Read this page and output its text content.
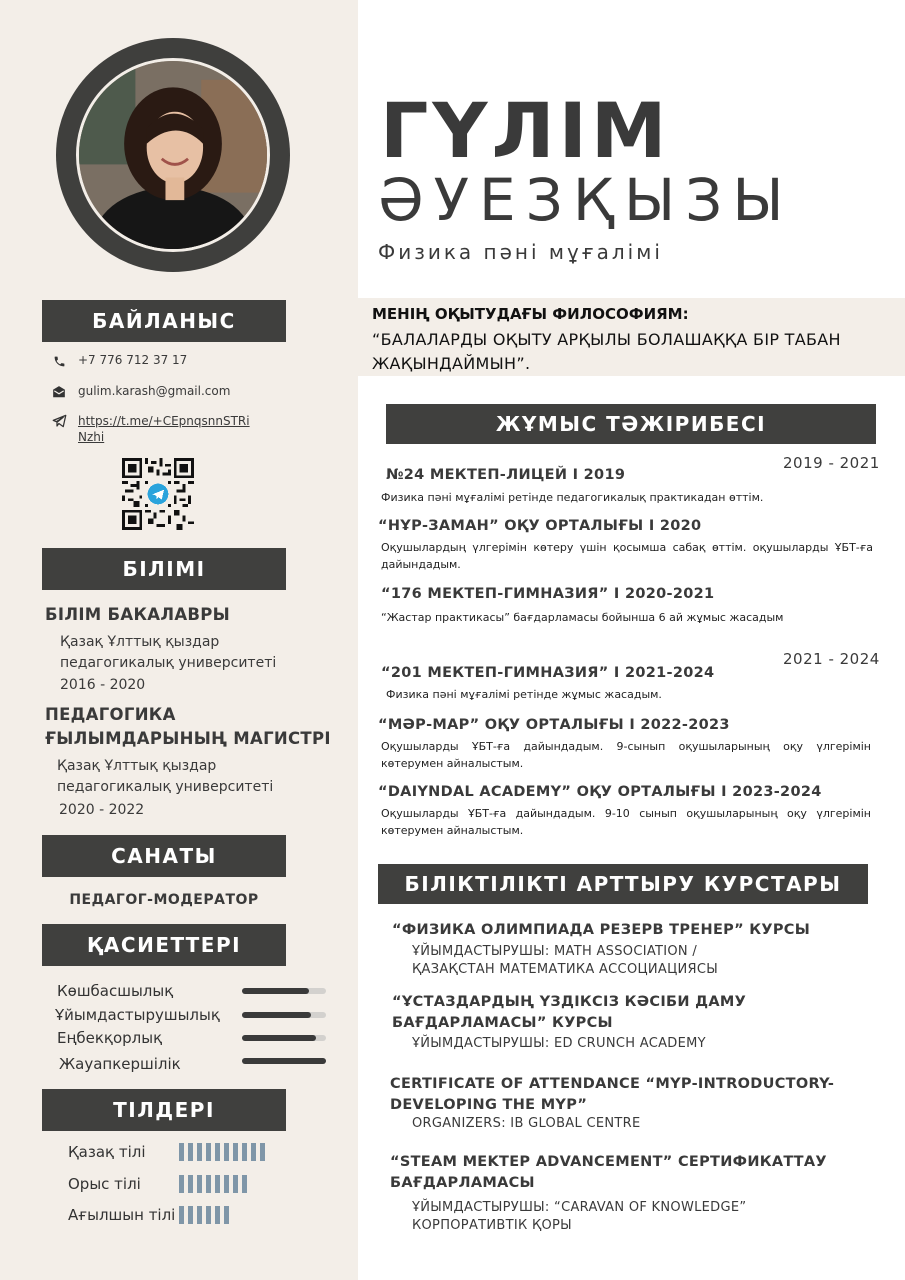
БАЙЛАНЫС
+7 776 712 37 17
gulim.karash@gmail.com
https://t.me/+CEpnqsnnSTRiNzhi
БІЛІМІ
БІЛІМ БАКАЛАВРЫ
Қазақ Ұлттық қыздар педагогикалық университеті
2016 - 2020
ПЕДАГОГИКА ҒЫЛЫМДАРЫНЫҢ МАГИСТРІ
Қазақ Ұлттық қыздар педагогикалық университеті
2020 - 2022
САНАТЫ
ПЕДАГОГ-МОДЕРАТОР
ҚАСИЕТТЕРІ
Көшбасшылық
Ұйымдастырушылық
Еңбекқорлық
Жауапкершілік
ТІЛДЕРІ
Қазақ тілі
Орыс тілі
Ағылшын тілі
ГҮЛІМ
ӘУЕЗҚЫЗЫ
Физика пәні мұғалімі
МЕНІҢ ОҚЫТУДАҒЫ ФИЛОСОФИЯМ:
“БАЛАЛАРДЫ ОҚЫТУ АРҚЫЛЫ БОЛАШАҚҚА БІР ТАБАН ЖАҚЫНДАЙМЫН”.
ЖҰМЫС ТӘЖІРИБЕСІ
2019 - 2021
№24 МЕКТЕП-ЛИЦЕЙ І 2019
Физика пәні мұғалімі ретінде педагогикалық практикадан өттім.
“НҰР-ЗАМАН” ОҚУ ОРТАЛЫҒЫ І 2020
Оқушылардың үлгерімін көтеру үшін қосымша сабақ өттім. оқушыларды ҰБТ-ға дайындадым.
“176 МЕКТЕП-ГИМНАЗИЯ” І 2020-2021
“Жастар практикасы” бағдарламасы бойынша 6 ай жұмыс жасадым
2021 - 2024
“201 МЕКТЕП-ГИМНАЗИЯ” І 2021-2024
Физика пәні мұғалімі ретінде жұмыс жасадым.
“МӘР-МАР” ОҚУ ОРТАЛЫҒЫ І 2022-2023
Оқушыларды ҰБТ-ға дайындадым. 9-сынып оқушыларының оқу үлгерімін көтерумен айналыстым.
“DAIYNDAL ACADEMY” ОҚУ ОРТАЛЫҒЫ І 2023-2024
Оқушыларды ҰБТ-ға дайындадым. 9-10 сынып оқушыларының оқу үлгерімін көтерумен айналыстым.
БІЛІКТІЛІКТІ АРТТЫРУ КУРСТАРЫ
“ФИЗИКА ОЛИМПИАДА РЕЗЕРВ ТРЕНЕР” КУРСЫ
ҰЙЫМДАСТЫРУШЫ: MATH ASSOCIATION / ҚАЗАҚСТАН МАТЕМАТИКА АССОЦИАЦИЯСЫ
“ҰСТАЗДАРДЫҢ ҮЗДІКСІЗ КӘСІБИ ДАМУ БАҒДАРЛАМАСЫ” КУРСЫ
ҰЙЫМДАСТЫРУШЫ: ED CRUNCH ACADEMY
CERTIFICATE OF ATTENDANCE “MYP-INTRODUCTORY-DEVELOPING THE MYP”
ORGANIZERS: IB GLOBAL CENTRE
“STEAM MEKTEP ADVANCEMENT” СЕРТИФИКАТТАУ БАҒДАРЛАМАСЫ
ҰЙЫМДАСТЫРУШЫ: “CARAVAN OF KNOWLEDGE” КОРПОРАТИВТІК ҚОРЫ
